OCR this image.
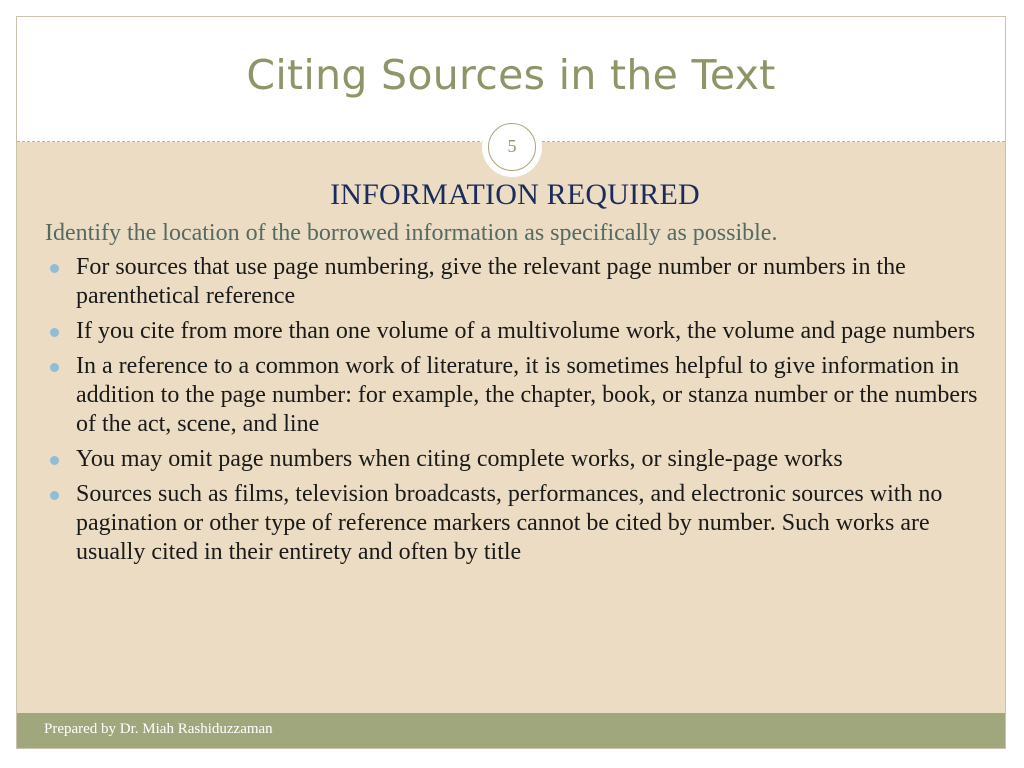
Citing Sources in the Text
5
INFORMATION REQUIRED
Identify the location of the borrowed information as specifically as possible.
For sources that use page numbering, give the relevant page number or numbers in the parenthetical reference
If you cite from more than one volume of a multivolume work, the volume and page numbers
In a reference to a common work of literature, it is sometimes helpful to give information in addition to the page number: for example, the chapter, book, or stanza number or the numbers of the act, scene, and line
You may omit page numbers when citing complete works, or single-page works
Sources such as films, television broadcasts, performances, and electronic sources with no pagination or other type of reference markers cannot be cited by number. Such works are usually cited in their entirety and often by title
Prepared by Dr. Miah Rashiduzzaman
